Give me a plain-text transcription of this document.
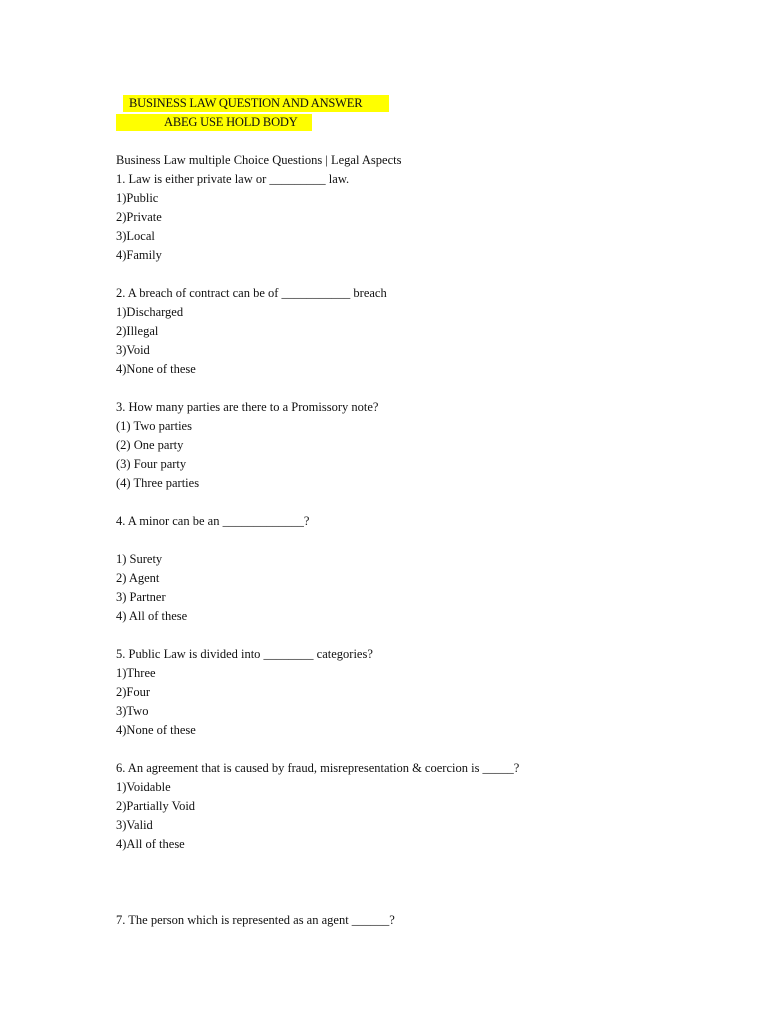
BUSINESS LAW QUESTION AND ANSWER
ABEG USE HOLD BODY
Business Law multiple Choice Questions | Legal Aspects
1. Law is either private law or _________ law.
1)Public
2)Private
3)Local
4)Family
2. A breach of contract can be of ___________ breach
1)Discharged
2)Illegal
3)Void
4)None of these
3. How many parties are there to a Promissory note?
(1) Two parties
(2) One party
(3) Four party
(4) Three parties
4. A minor can be an _____________?
1) Surety
2) Agent
3) Partner
4) All of these
5. Public Law is divided into ________ categories?
1)Three
2)Four
3)Two
4)None of these
6. An agreement that is caused by fraud, misrepresentation & coercion is _____?
1)Voidable
2)Partially Void
3)Valid
4)All of these
7. The person which is represented as an agent ______?
